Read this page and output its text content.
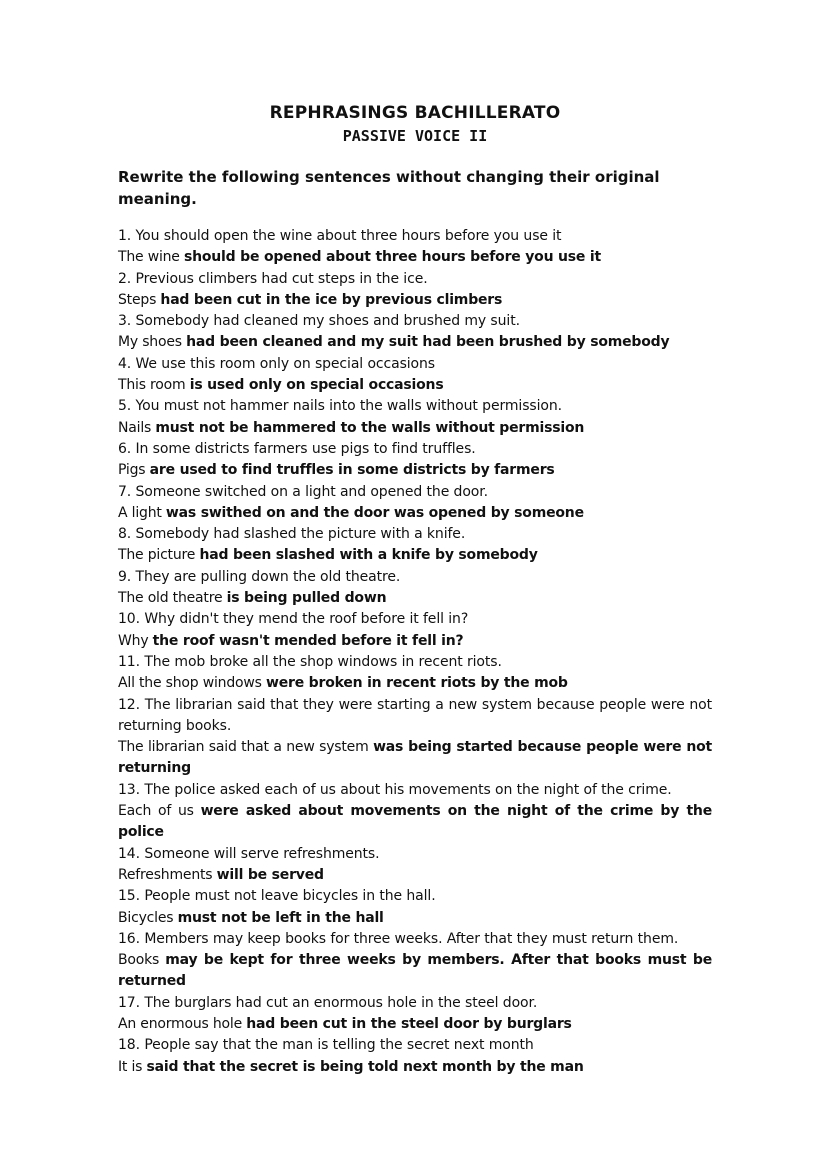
REPHRASINGS BACHILLERATO
PASSIVE VOICE II

Rewrite the following sentences without changing their original meaning.

1. You should open the wine about three hours before you use it
The wine should be opened about three hours before you use it
2. Previous climbers had cut steps in the ice.
Steps had been cut in the ice by previous climbers
3. Somebody had cleaned my shoes and brushed my suit.
My shoes had been cleaned and my suit had been brushed by somebody
4. We use this room only on special occasions
This room is used only on special occasions
5. You must not hammer nails into the walls without permission.
Nails must not be hammered to the walls without permission
6. In some districts farmers use pigs to find truffles.
Pigs are used to find truffles in some districts by farmers
7. Someone switched on a light and opened the door.
A light was swithed on and the door was opened by someone
8. Somebody had slashed the picture with a knife.
The picture had been slashed with a knife by somebody
9. They are pulling down the old theatre.
The old theatre is being pulled down
10. Why didn't they mend the roof before it fell in?
Why the roof wasn't mended before it fell in?
11. The mob broke all the shop windows in recent riots.
All the shop windows were broken in recent riots by the mob
12. The librarian said that they were starting a new system because people were not returning books.
The librarian said that a new system was being started because people were not returning
13. The police asked each of us about his movements on the night of the crime.
Each of us were asked about movements on the night of the crime by the police
14. Someone will serve refreshments.
Refreshments will be served
15. People must not leave bicycles in the hall.
Bicycles must not be left in the hall
16. Members may keep books for three weeks. After that they must return them.
Books may be kept for three weeks by members. After that books must be returned
17. The burglars had cut an enormous hole in the steel door.
An enormous hole had been cut in the steel door by burglars
18. People say that the man is telling the secret next month
It is said that the secret is being told next month by the man
